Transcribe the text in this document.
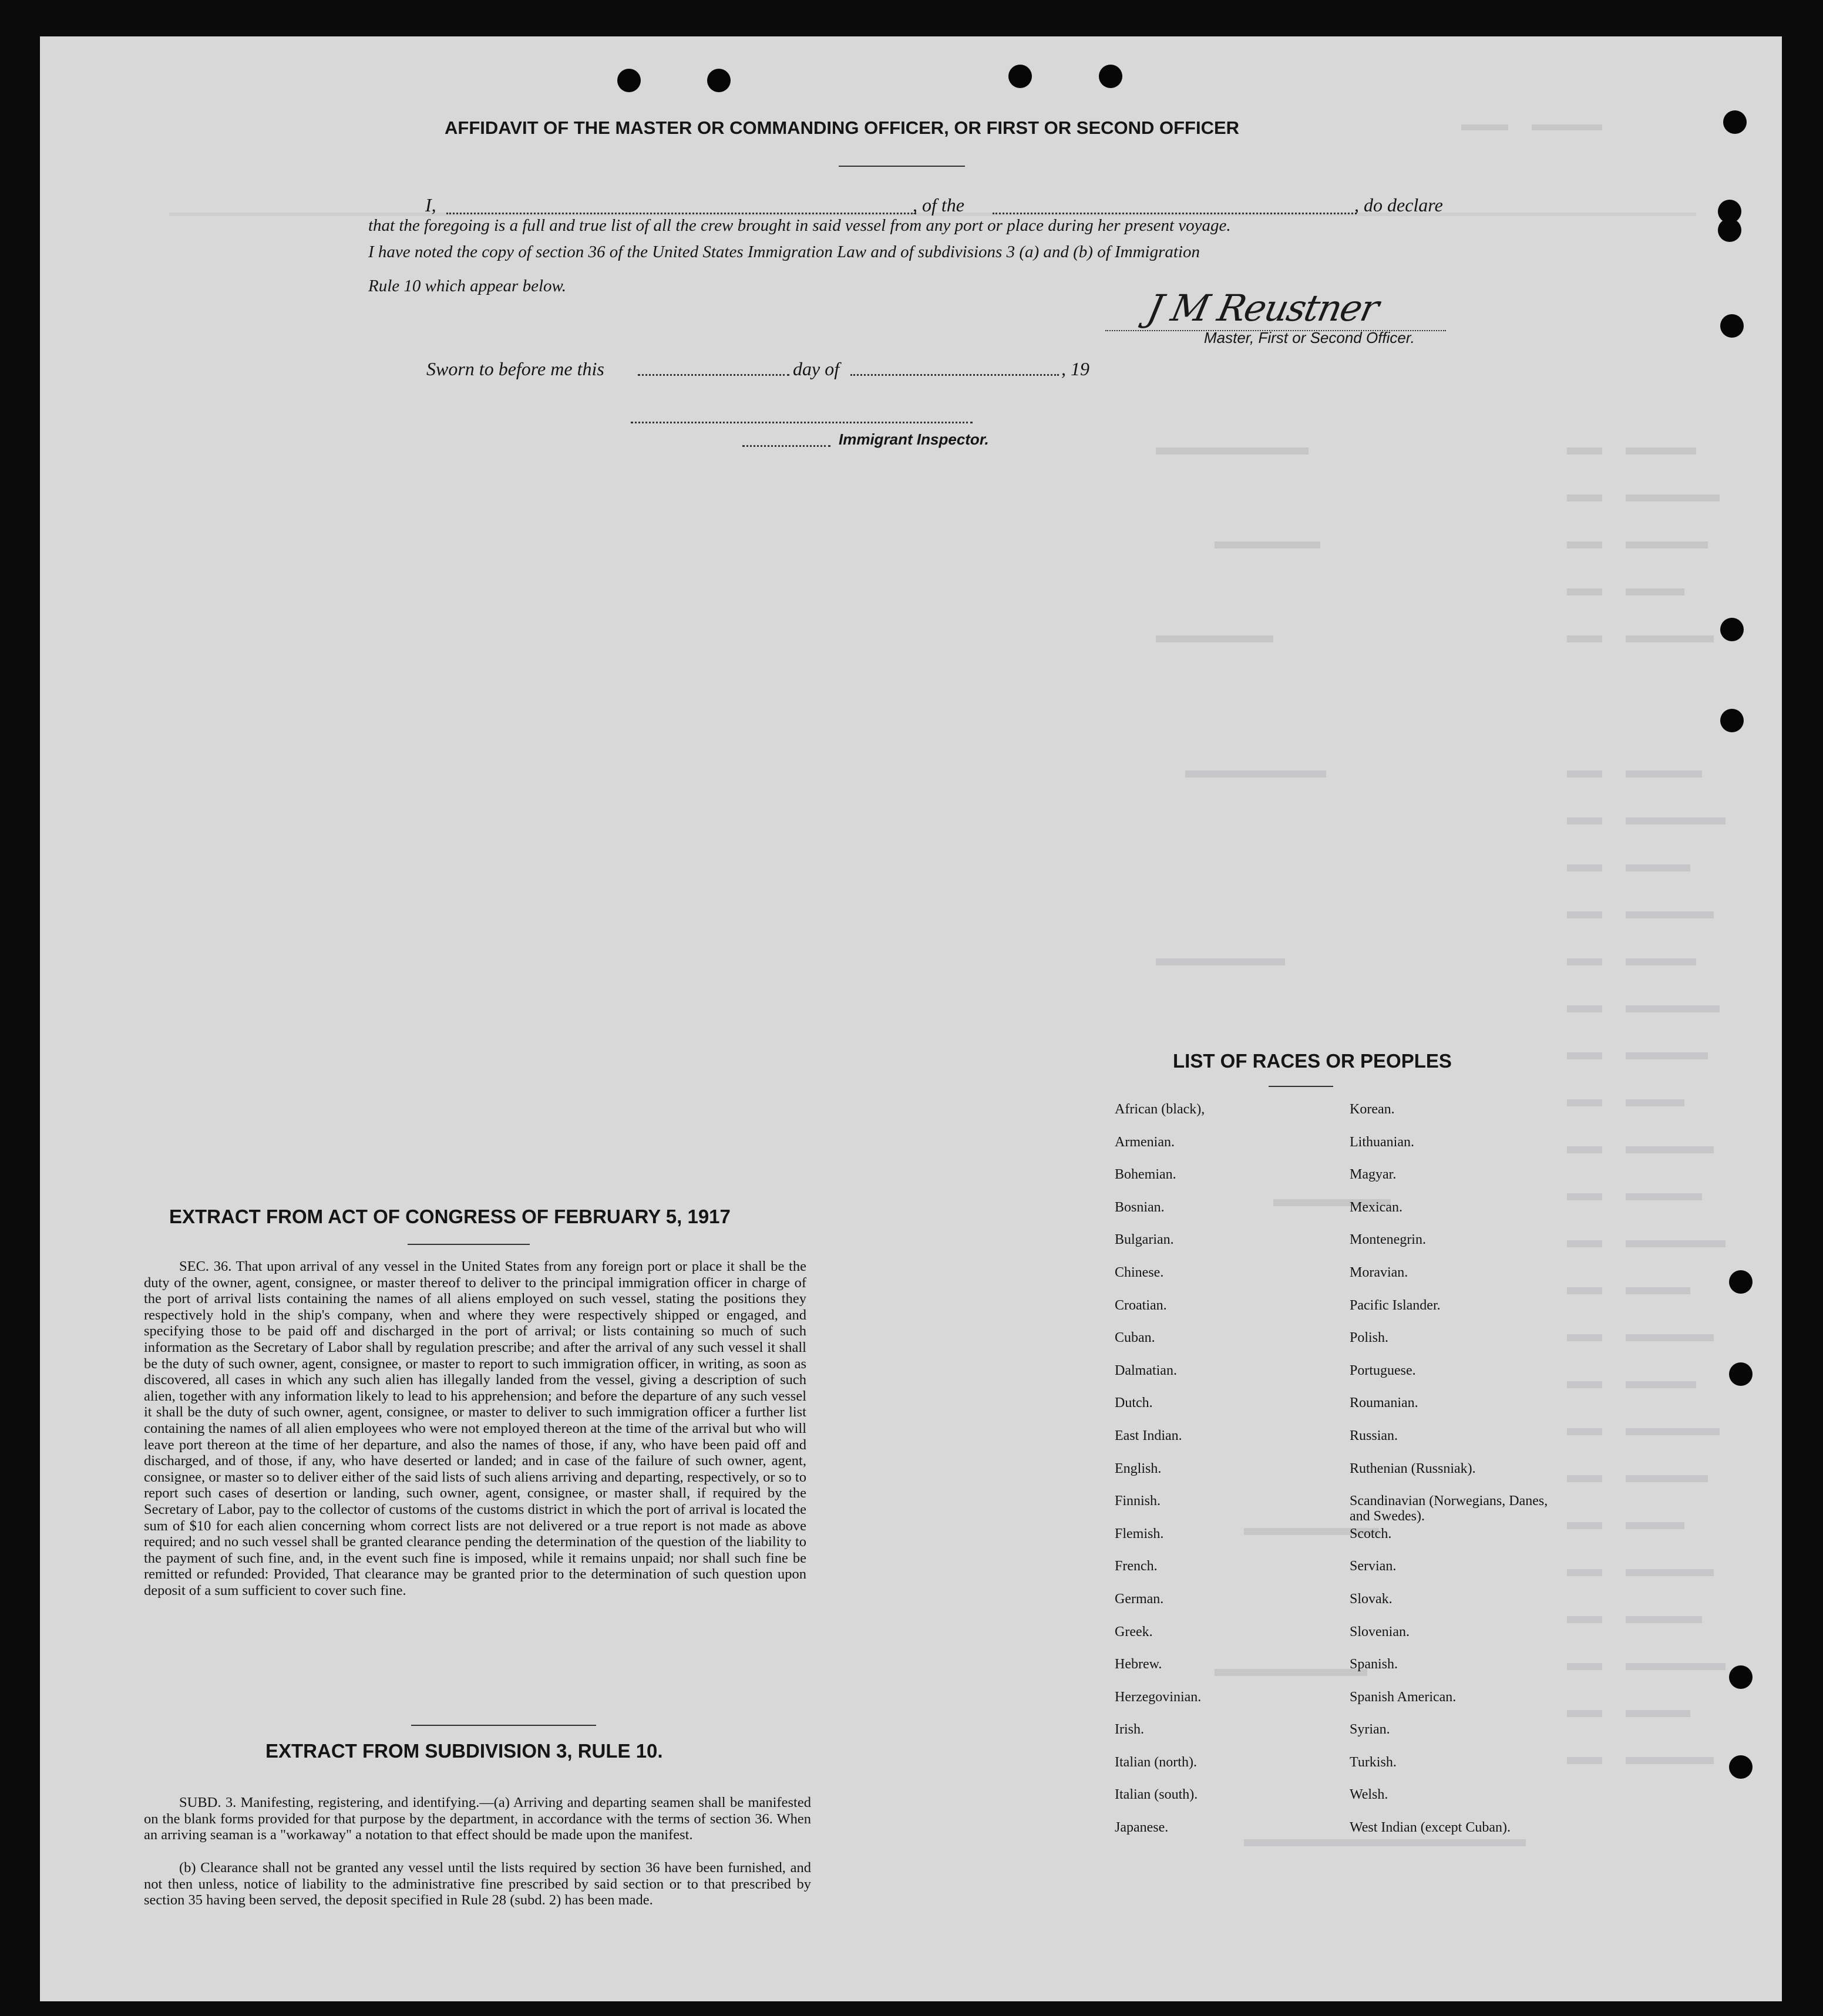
AFFIDAVIT OF THE MASTER OR COMMANDING OFFICER, OR FIRST OR SECOND OFFICER
I,	, of the	, do declare
that the foregoing is a full and true list of all the crew brought in said vessel from any port or place during her present voyage.
I have noted the copy of section 36 of the United States Immigration Law and of subdivisions 3 (a) and (b) of Immigration
Rule 10 which appear below.
J M Reustner
Master, First or Second Officer.
Sworn to before me this	day of	, 19
Immigrant Inspector.
EXTRACT FROM ACT OF CONGRESS OF FEBRUARY 5, 1917
SEC. 36. That upon arrival of any vessel in the United States from any foreign port or place it shall be the duty of the owner, agent, consignee, or master thereof to deliver to the principal immigration officer in charge of the port of arrival lists containing the names of all aliens employed on such vessel, stating the positions they respectively hold in the ship's company, when and where they were respectively shipped or engaged, and specifying those to be paid off and discharged in the port of arrival; or lists containing so much of such information as the Secretary of Labor shall by regulation prescribe; and after the arrival of any such vessel it shall be the duty of such owner, agent, consignee, or master to report to such immigration officer, in writing, as soon as discovered, all cases in which any such alien has illegally landed from the vessel, giving a description of such alien, together with any information likely to lead to his apprehension; and before the departure of any such vessel it shall be the duty of such owner, agent, consignee, or master to deliver to such immigration officer a further list containing the names of all alien employees who were not employed thereon at the time of the arrival but who will leave port thereon at the time of her departure, and also the names of those, if any, who have been paid off and discharged, and of those, if any, who have deserted or landed; and in case of the failure of such owner, agent, consignee, or master so to deliver either of the said lists of such aliens arriving and departing, respectively, or so to report such cases of desertion or landing, such owner, agent, consignee, or master shall, if required by the Secretary of Labor, pay to the collector of customs of the customs district in which the port of arrival is located the sum of $10 for each alien concerning whom correct lists are not delivered or a true report is not made as above required; and no such vessel shall be granted clearance pending the determination of the question of the liability to the payment of such fine, and, in the event such fine is imposed, while it remains unpaid; nor shall such fine be remitted or refunded: Provided, That clearance may be granted prior to the determination of such question upon deposit of a sum sufficient to cover such fine.
EXTRACT FROM SUBDIVISION 3, RULE 10.
SUBD. 3. Manifesting, registering, and identifying.—(a) Arriving and departing seamen shall be manifested on the blank forms provided for that purpose by the department, in accordance with the terms of section 36. When an arriving seaman is a "workaway" a notation to that effect should be made upon the manifest.
(b) Clearance shall not be granted any vessel until the lists required by section 36 have been furnished, and not then unless, notice of liability to the administrative fine prescribed by said section or to that prescribed by section 35 having been served, the deposit specified in Rule 28 (subd. 2) has been made.
LIST OF RACES OR PEOPLES
African (black),
Armenian.
Bohemian.
Bosnian.
Bulgarian.
Chinese.
Croatian.
Cuban.
Dalmatian.
Dutch.
East Indian.
English.
Finnish.
Flemish.
French.
German.
Greek.
Hebrew.
Herzegovinian.
Irish.
Italian (north).
Italian (south).
Japanese.
Korean.
Lithuanian.
Magyar.
Mexican.
Montenegrin.
Moravian.
Pacific Islander.
Polish.
Portuguese.
Roumanian.
Russian.
Ruthenian (Russniak).
Scandinavian (Norwegians, Danes, and Swedes).
Scotch.
Servian.
Slovak.
Slovenian.
Spanish.
Spanish American.
Syrian.
Turkish.
Welsh.
West Indian (except Cuban).
